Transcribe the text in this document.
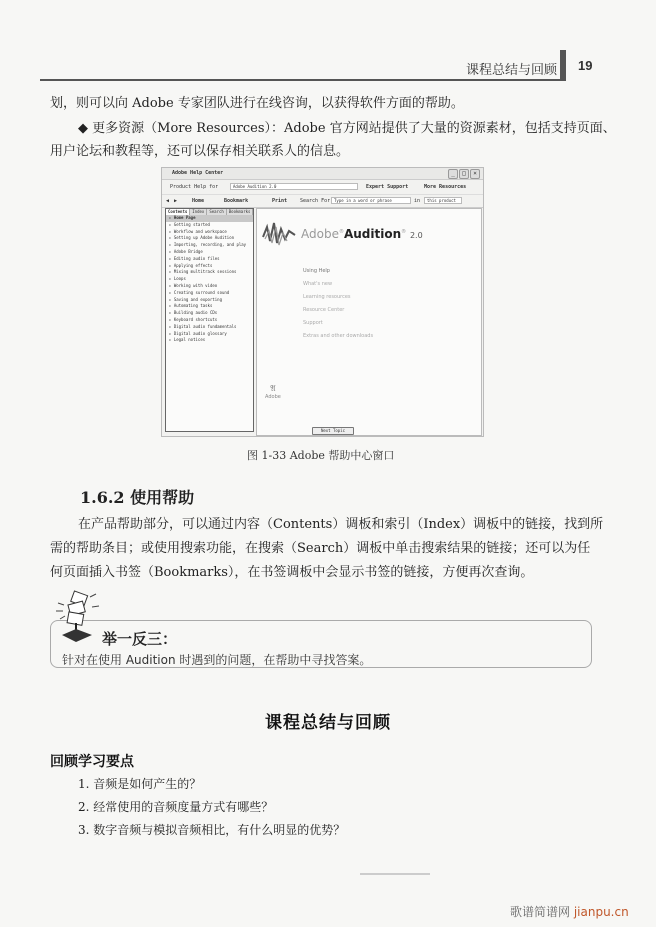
课程总结与回顾 19
划，则可以向 Adobe 专家团队进行在线咨询，以获得软件方面的帮助。
◆ 更多资源（More Resources）：Adobe 官方网站提供了大量的资源素材，包括支持页面、
用户论坛和教程等，还可以保存相关联系人的信息。
Adobe Help Center	_	□	×
Product Help for	Adobe Audition 2.0	Expert Support	More Resources
◀ ▶	Home	Bookmark	Print	Search For Type in a word or phrase	in	this product
Contents	Index	Search	Bookmarks
▸ Home Page
▸ Getting started
▸ Workflow and workspace
▸ Setting up Adobe Audition
▸ Importing, recording, and play
▸ Adobe Bridge
▸ Editing audio files
▸ Applying effects
▸ Mixing multitrack sessions
▸ Loops
▸ Working with video
▸ Creating surround sound
▸ Saving and exporting
▸ Automating tasks
▸ Building audio CDs
▸ Keyboard shortcuts
▸ Digital audio fundamentals
▸ Digital audio glossary
▸ Legal notices
Adobe®Audition® 2.0
Using Help
What's new
Learning resources
Resource Center
Support
Extras and other downloads
𝔄
Adobe
Next Topic
图 1-33 Adobe 帮助中心窗口
1.6.2 使用帮助
在产品帮助部分，可以通过内容（Contents）调板和索引（Index）调板中的链接，找到所
需的帮助条目；或使用搜索功能，在搜索（Search）调板中单击搜索结果的链接；还可以为任
何页面插入书签（Bookmarks），在书签调板中会显示书签的链接，方便再次查询。
举一反三：
针对在使用 Audition 时遇到的问题，在帮助中寻找答案。
课程总结与回顾
回顾学习要点
1. 音频是如何产生的？
2. 经常使用的音频度量方式有哪些？
3. 数字音频与模拟音频相比，有什么明显的优势？
歌谱简谱网 jianpu.cn
